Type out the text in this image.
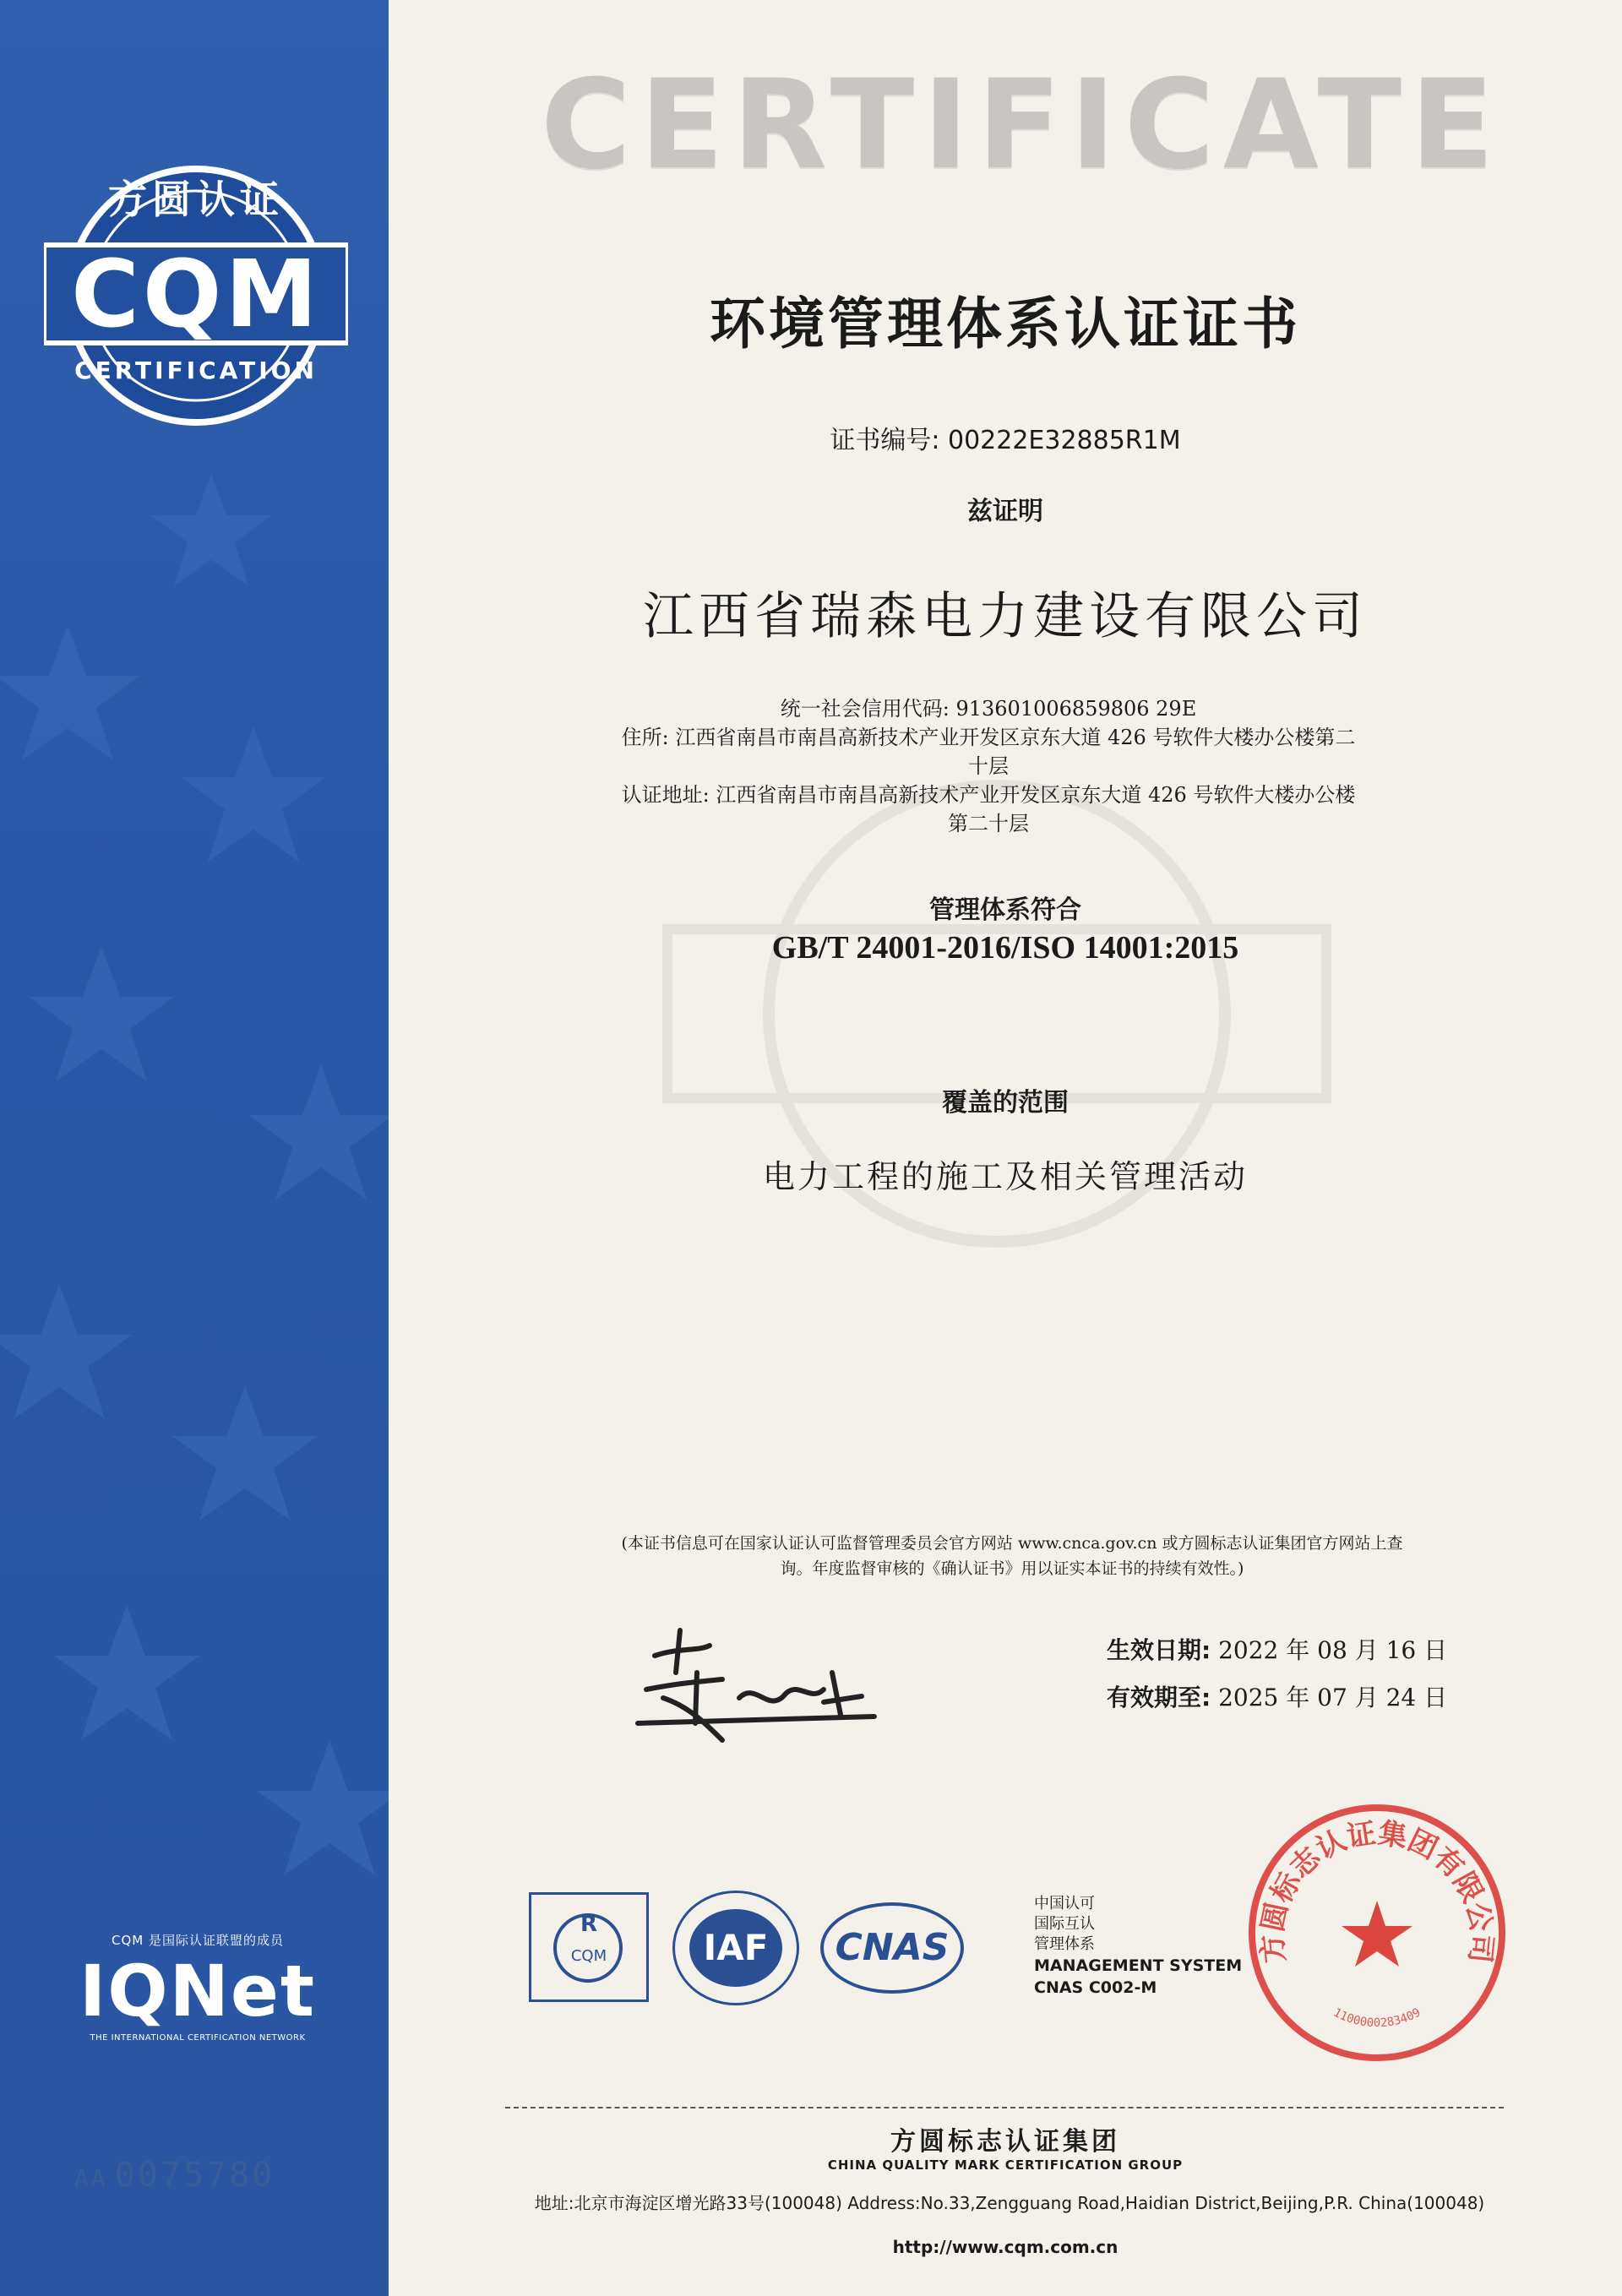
方圆认证
CQM
CERTIFICATION
CQM 是国际认证联盟的成员
IQNet
THE INTERNATIONAL CERTIFICATION NETWORK
AA 0075780
CERTIFICATE
环境管理体系认证证书
证书编号: 00222E32885R1M
兹证明
江西省瑞森电力建设有限公司
统一社会信用代码: 913601006859806 29E
住所: 江西省南昌市南昌高新技术产业开发区京东大道 426 号软件大楼办公楼第二
十层
认证地址: 江西省南昌市南昌高新技术产业开发区京东大道 426 号软件大楼办公楼
第二十层
管理体系符合
GB/T 24001-2016/ISO 14001:2015
覆盖的范围
电力工程的施工及相关管理活动
(本证书信息可在国家认证认可监督管理委员会官方网站 www.cnca.gov.cn 或方圆标志认证集团官方网站上查
询。年度监督审核的《确认证书》用以证实本证书的持续有效性。)
生效日期: 2022 年 08 月 16 日
有效期至: 2025 年 07 月 24 日
R
CQM	IAF	CNAS
中国认可
国际互认
管理体系
MANAGEMENT SYSTEM
CNAS C002-M
方圆标志认证集团有限公司
1100000283409
方圆标志认证集团
CHINA QUALITY MARK CERTIFICATION GROUP
地址:北京市海淀区增光路33号(100048) Address:No.33,Zengguang Road,Haidian District,Beijing,P.R. China(100048)
http://www.cqm.com.cn
